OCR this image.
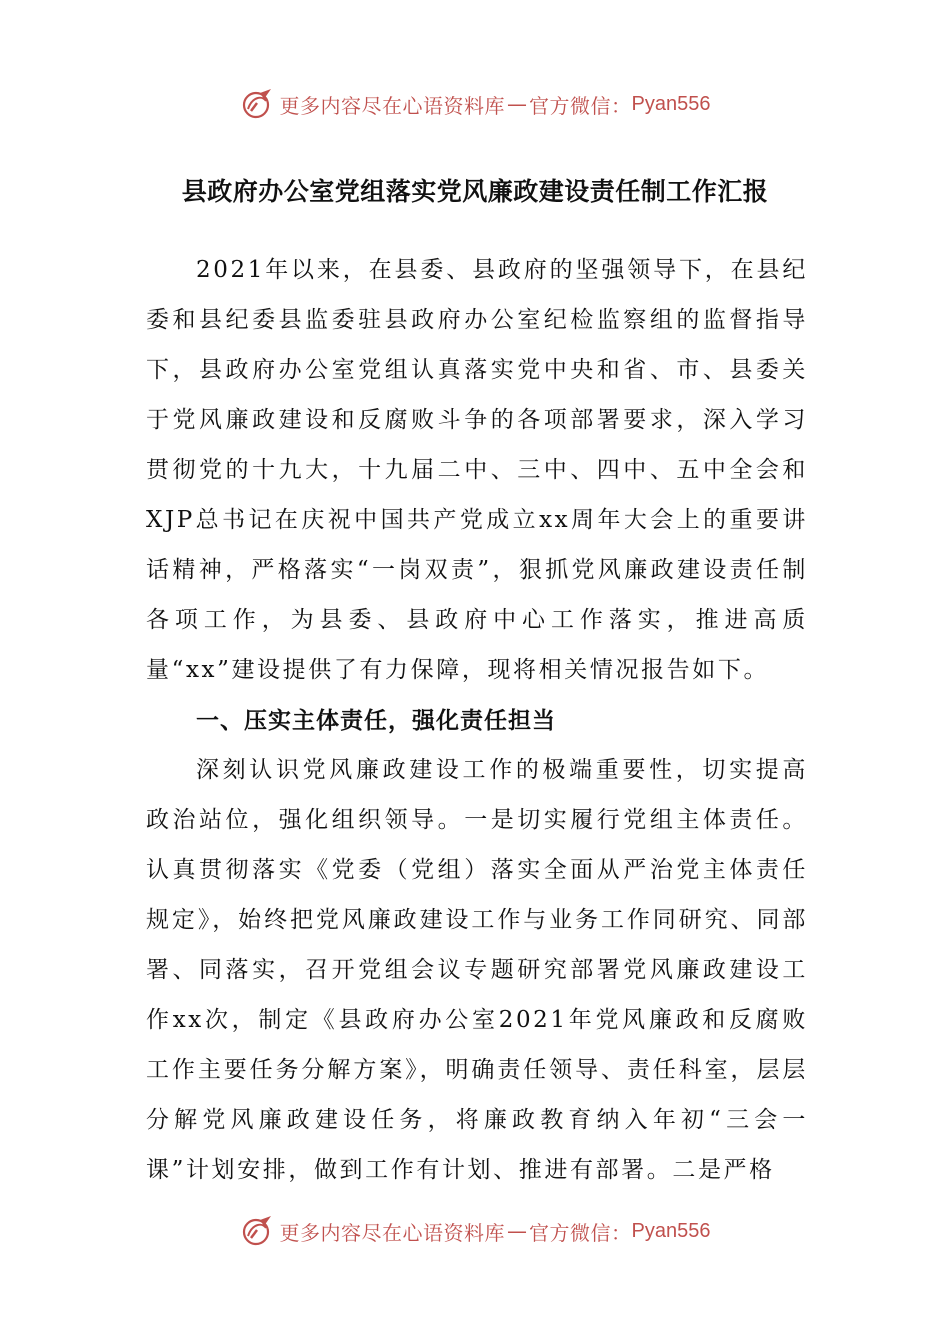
更多内容尽在心语资料库 — 官方微信： Pyan556
县政府办公室党组落实党风廉政建设责任制工作汇报

2021年以来，在县委、县政府的坚强领导下，在县纪委和县纪委县监委驻县政府办公室纪检监察组的监督指导下，县政府办公室党组认真落实党中央和省、市、县委关于党风廉政建设和反腐败斗争的各项部署要求，深入学习贯彻党的十九大，十九届二中、三中、四中、五中全会和XJP总书记在庆祝中国共产党成立xx周年大会上的重要讲话精神，严格落实“一岗双责”，狠抓党风廉政建设责任制各项工作，为县委、县政府中心工作落实，推进高质量“xx”建设提供了有力保障，现将相关情况报告如下。

一、压实主体责任，强化责任担当

深刻认识党风廉政建设工作的极端重要性，切实提高政治站位，强化组织领导。一是切实履行党组主体责任。认真贯彻落实《党委（党组）落实全面从严治党主体责任规定》，始终把党风廉政建设工作与业务工作同研究、同部署、同落实，召开党组会议专题研究部署党风廉政建设工作xx次，制定《县政府办公室2021年党风廉政和反腐败工作主要任务分解方案》，明确责任领导、责任科室，层层分解党风廉政建设任务，将廉政教育纳入年初“三会一课”计划安排，做到工作有计划、推进有部署。二是严格

更多内容尽在心语资料库 — 官方微信： Pyan556
